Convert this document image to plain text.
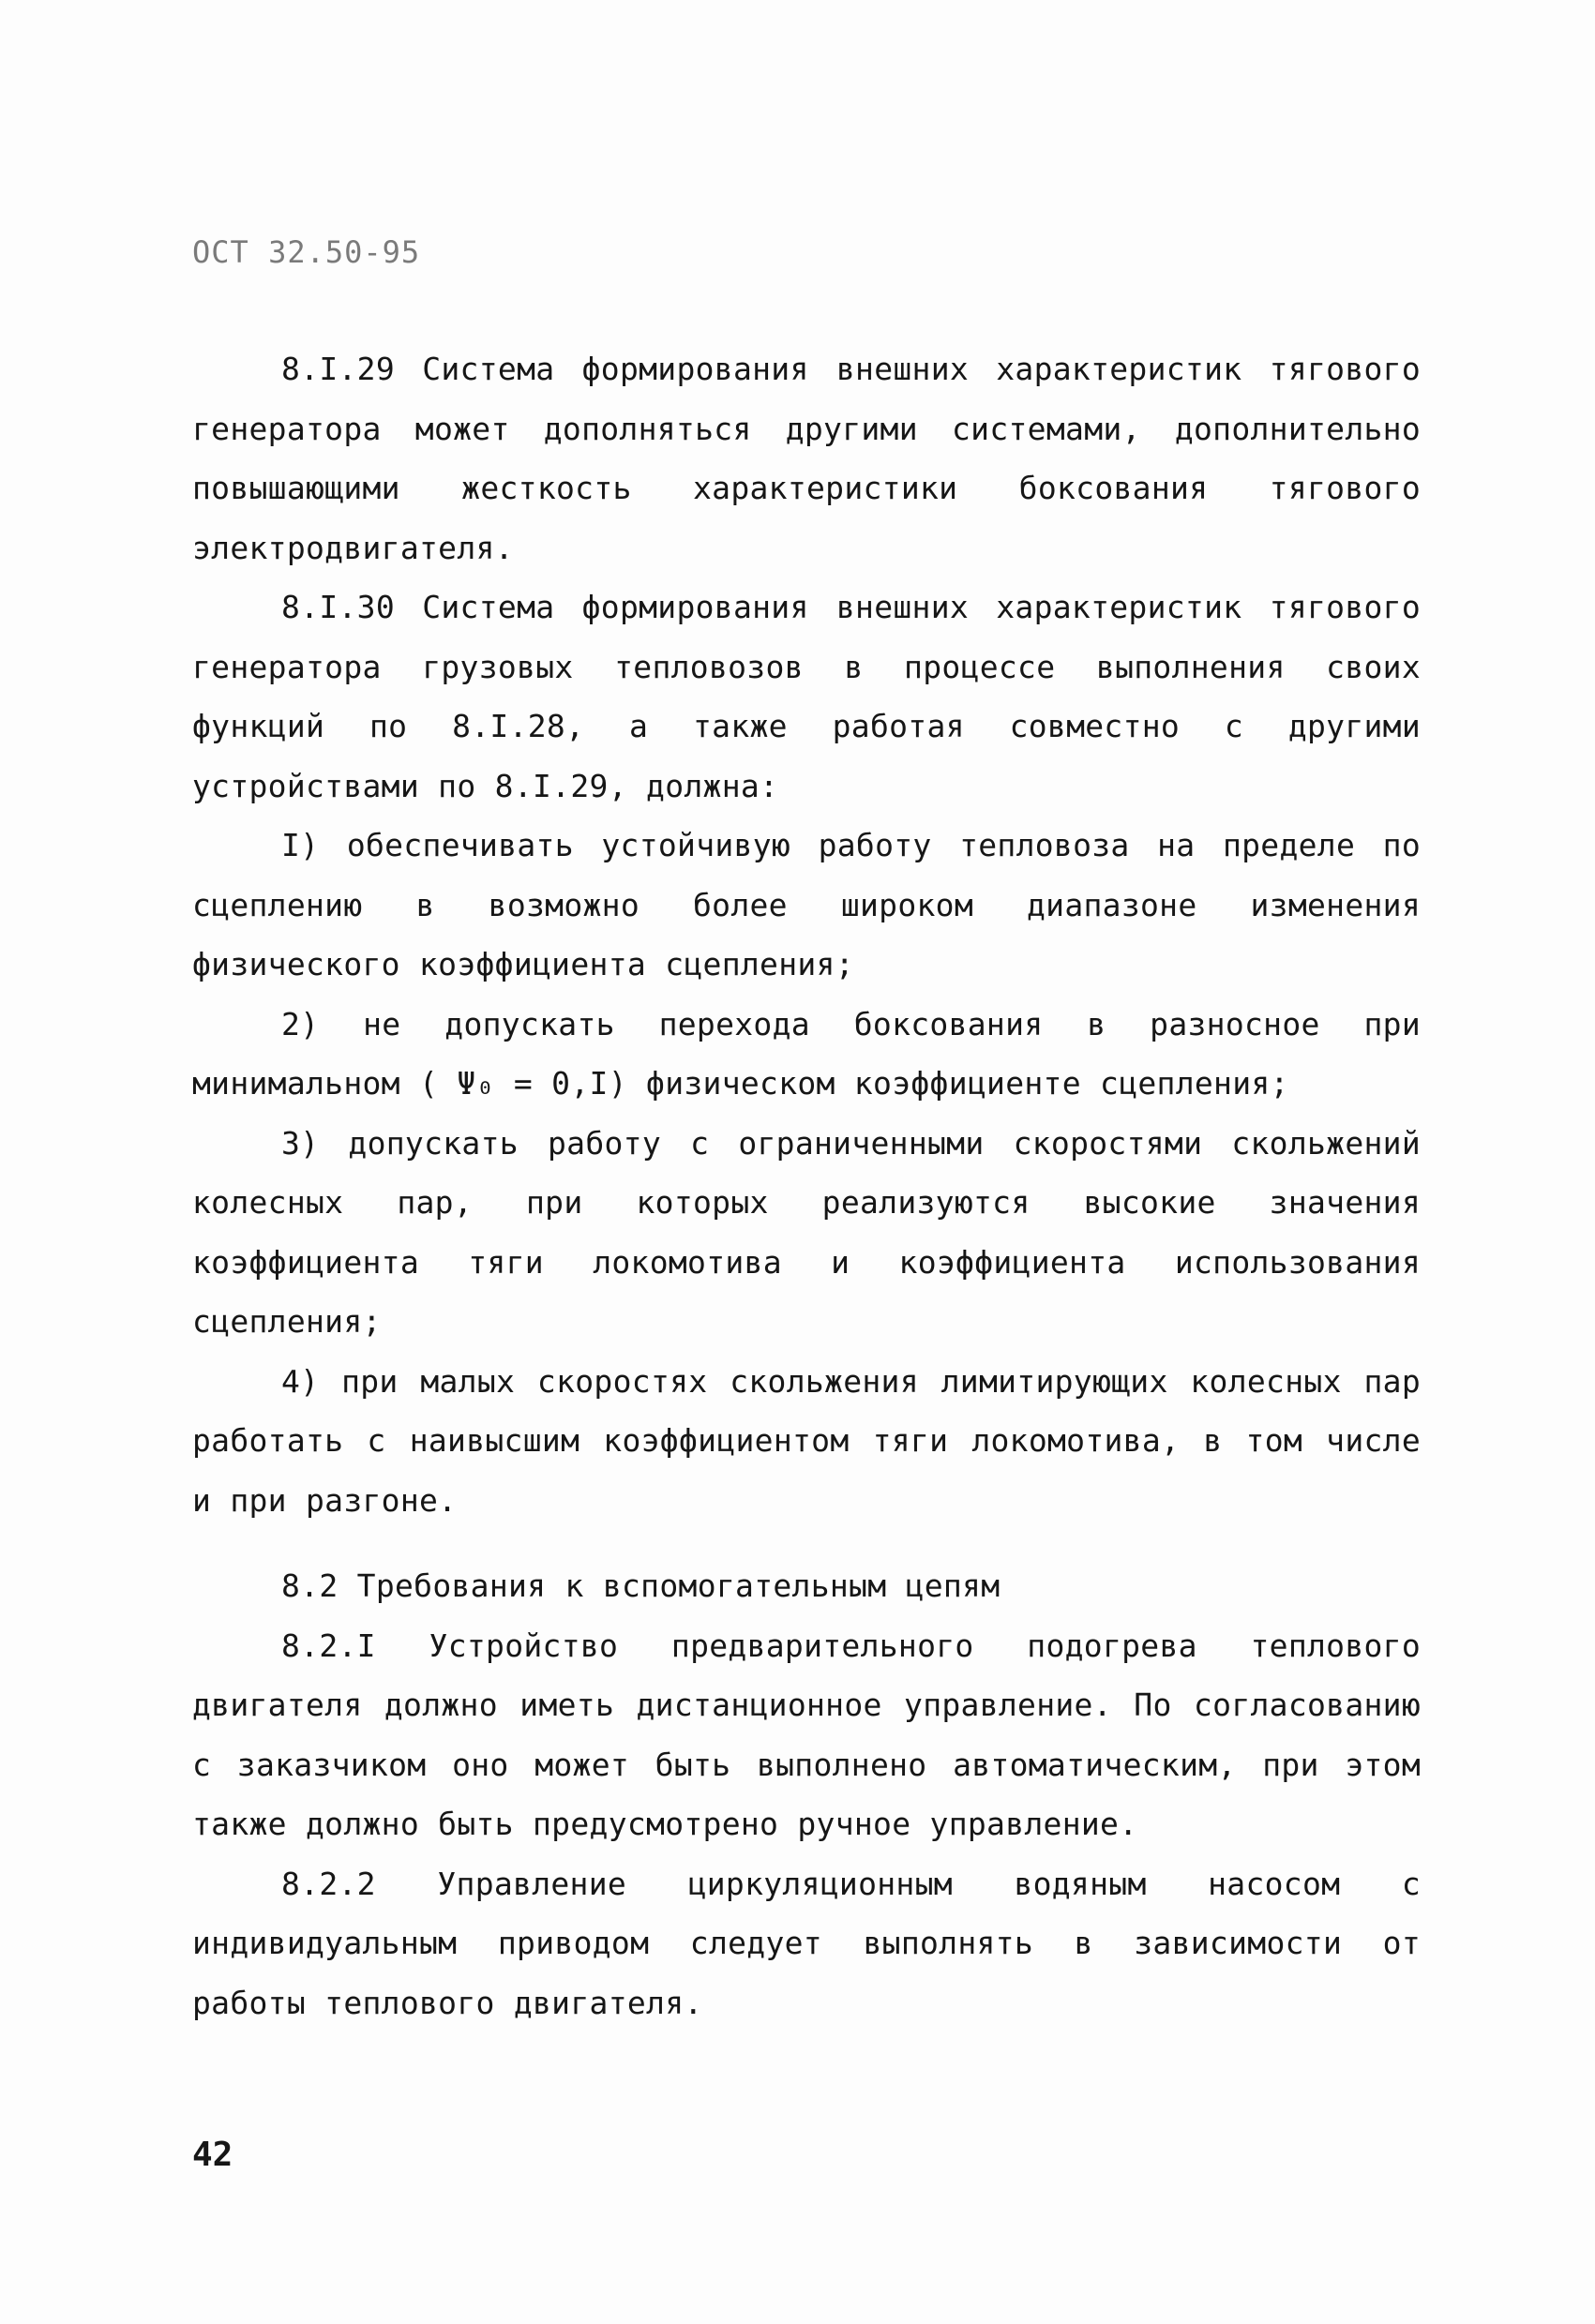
ОСТ 32.50-95

8.I.29 Система формирования внешних характеристик тягового генератора может дополняться другими системами, дополнительно повышающими жесткость характеристики боксования тягового электродвигателя.

8.I.30 Система формирования внешних характеристик тягового генератора грузовых тепловозов в процессе выполнения своих функций по 8.I.28, а также работая совместно с другими устройствами по 8.I.29, должна:

I) обеспечивать устойчивую работу тепловоза на пределе по сцеплению в возможно более широком диапазоне изменения физического коэффициента сцепления;

2) не допускать перехода боксования в разносное при минимальном ( Ψ₀ = 0,I) физическом коэффициенте сцепления;

3) допускать работу с ограниченными скоростями скольжений колесных пар, при которых реализуются высокие значения коэффициента тяги локомотива и коэффициента использования сцепления;

4) при малых скоростях скольжения лимитирующих колесных пар работать с наивысшим коэффициентом тяги локомотива, в том числе и при разгоне.

8.2 Требования к вспомогательным цепям

8.2.I Устройство предварительного подогрева теплового двигателя должно иметь дистанционное управление. По согласованию с заказчиком оно может быть выполнено автоматическим, при этом также должно быть предусмотрено ручное управление.

8.2.2 Управление циркуляционным водяным насосом с индивидуальным приводом следует выполнять в зависимости от работы теплового двигателя.

42
